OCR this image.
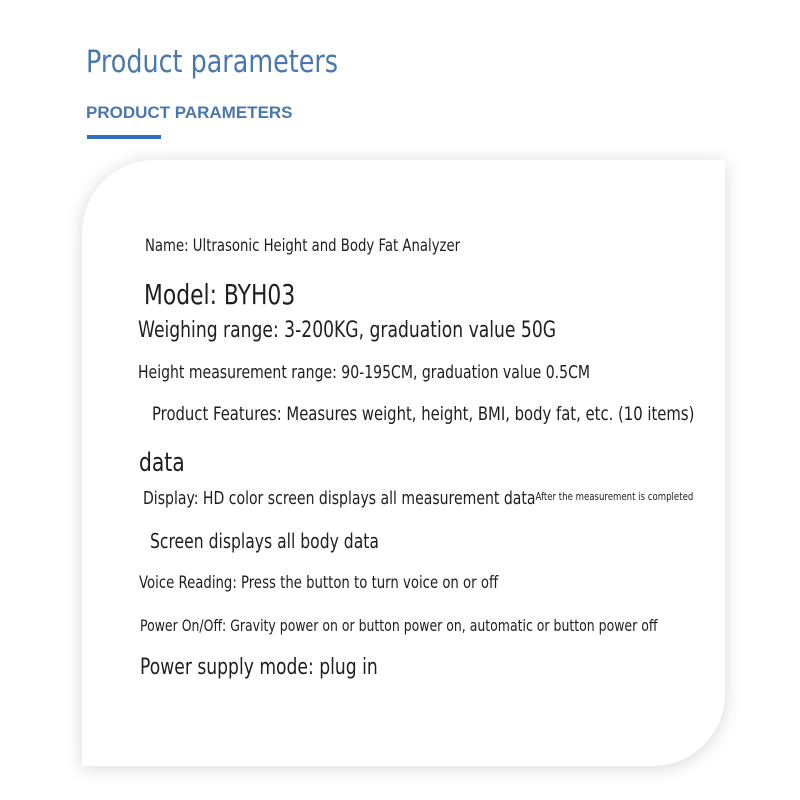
Product parameters
PRODUCT PARAMETERS

Name: Ultrasonic Height and Body Fat Analyzer

Model: BYH03

Weighing range: 3-200KG, graduation value 50G

Height measurement range: 90-195CM, graduation value 0.5CM

Product Features: Measures weight, height, BMI, body fat, etc. (10 items)

data

Display: HD color screen displays all measurement data$^{After the measurement is completed}$

Screen displays all body data

Voice Reading: Press the button to turn voice on or off

Power On/Off: Gravity power on or button power on, automatic or button power off

Power supply mode: plug in
